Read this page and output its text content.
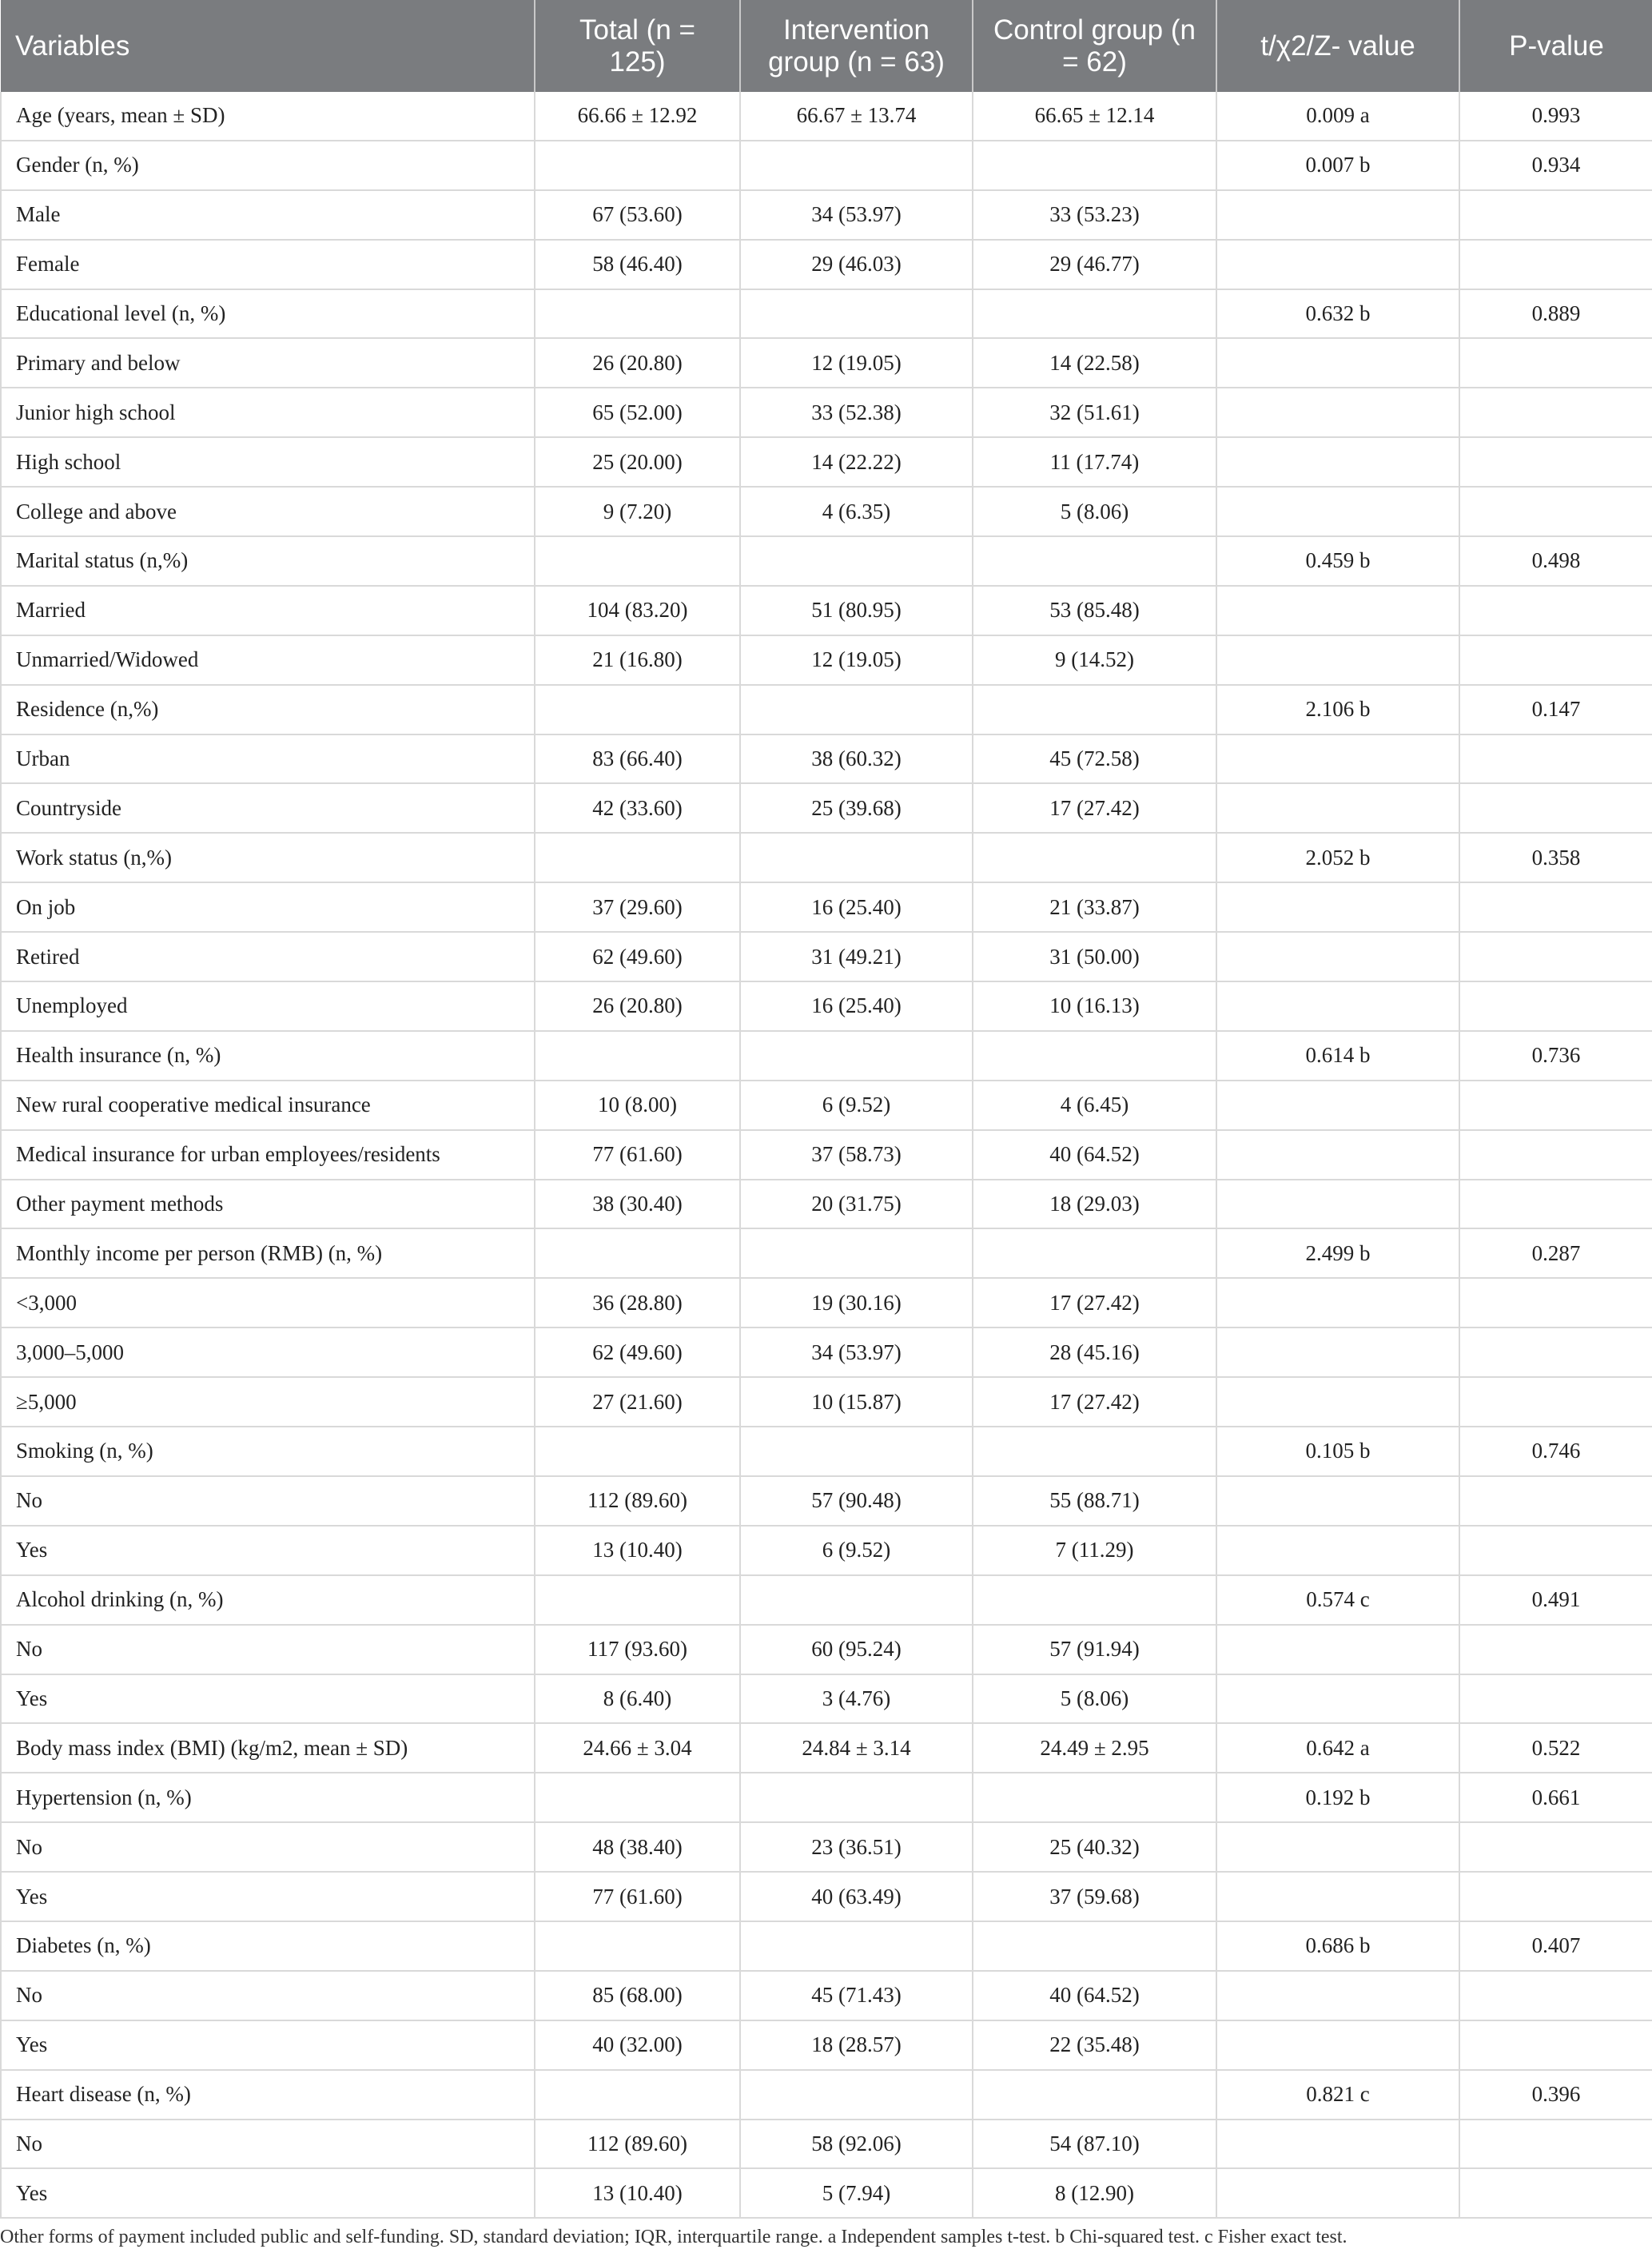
Variables	Total (n = 125)	Intervention group (n = 63)	Control group (n = 62)	t/χ2/Z- value	P-value
Age (years, mean ± SD)	66.66 ± 12.92	66.67 ± 13.74	66.65 ± 12.14	0.009 a	0.993
Gender (n, %)				0.007 b	0.934
Male	67 (53.60)	34 (53.97)	33 (53.23)		
Female	58 (46.40)	29 (46.03)	29 (46.77)		
Educational level (n, %)				0.632 b	0.889
Primary and below	26 (20.80)	12 (19.05)	14 (22.58)		
Junior high school	65 (52.00)	33 (52.38)	32 (51.61)		
High school	25 (20.00)	14 (22.22)	11 (17.74)		
College and above	9 (7.20)	4 (6.35)	5 (8.06)		
Marital status (n,%)				0.459 b	0.498
Married	104 (83.20)	51 (80.95)	53 (85.48)		
Unmarried/Widowed	21 (16.80)	12 (19.05)	9 (14.52)		
Residence (n,%)				2.106 b	0.147
Urban	83 (66.40)	38 (60.32)	45 (72.58)		
Countryside	42 (33.60)	25 (39.68)	17 (27.42)		
Work status (n,%)				2.052 b	0.358
On job	37 (29.60)	16 (25.40)	21 (33.87)		
Retired	62 (49.60)	31 (49.21)	31 (50.00)		
Unemployed	26 (20.80)	16 (25.40)	10 (16.13)		
Health insurance (n, %)				0.614 b	0.736
New rural cooperative medical insurance	10 (8.00)	6 (9.52)	4 (6.45)		
Medical insurance for urban employees/residents	77 (61.60)	37 (58.73)	40 (64.52)		
Other payment methods	38 (30.40)	20 (31.75)	18 (29.03)		
Monthly income per person (RMB) (n, %)				2.499 b	0.287
<3,000	36 (28.80)	19 (30.16)	17 (27.42)		
3,000–5,000	62 (49.60)	34 (53.97)	28 (45.16)		
≥5,000	27 (21.60)	10 (15.87)	17 (27.42)		
Smoking (n, %)				0.105 b	0.746
No	112 (89.60)	57 (90.48)	55 (88.71)		
Yes	13 (10.40)	6 (9.52)	7 (11.29)		
Alcohol drinking (n, %)				0.574 c	0.491
No	117 (93.60)	60 (95.24)	57 (91.94)		
Yes	8 (6.40)	3 (4.76)	5 (8.06)		
Body mass index (BMI) (kg/m2, mean ± SD)	24.66 ± 3.04	24.84 ± 3.14	24.49 ± 2.95	0.642 a	0.522
Hypertension (n, %)				0.192 b	0.661
No	48 (38.40)	23 (36.51)	25 (40.32)		
Yes	77 (61.60)	40 (63.49)	37 (59.68)		
Diabetes (n, %)				0.686 b	0.407
No	85 (68.00)	45 (71.43)	40 (64.52)		
Yes	40 (32.00)	18 (28.57)	22 (35.48)		
Heart disease (n, %)				0.821 c	0.396
No	112 (89.60)	58 (92.06)	54 (87.10)		
Yes	13 (10.40)	5 (7.94)	8 (12.90)		

Other forms of payment included public and self-funding. SD, standard deviation; IQR, interquartile range. a Independent samples t-test. b Chi-squared test. c Fisher exact test.
